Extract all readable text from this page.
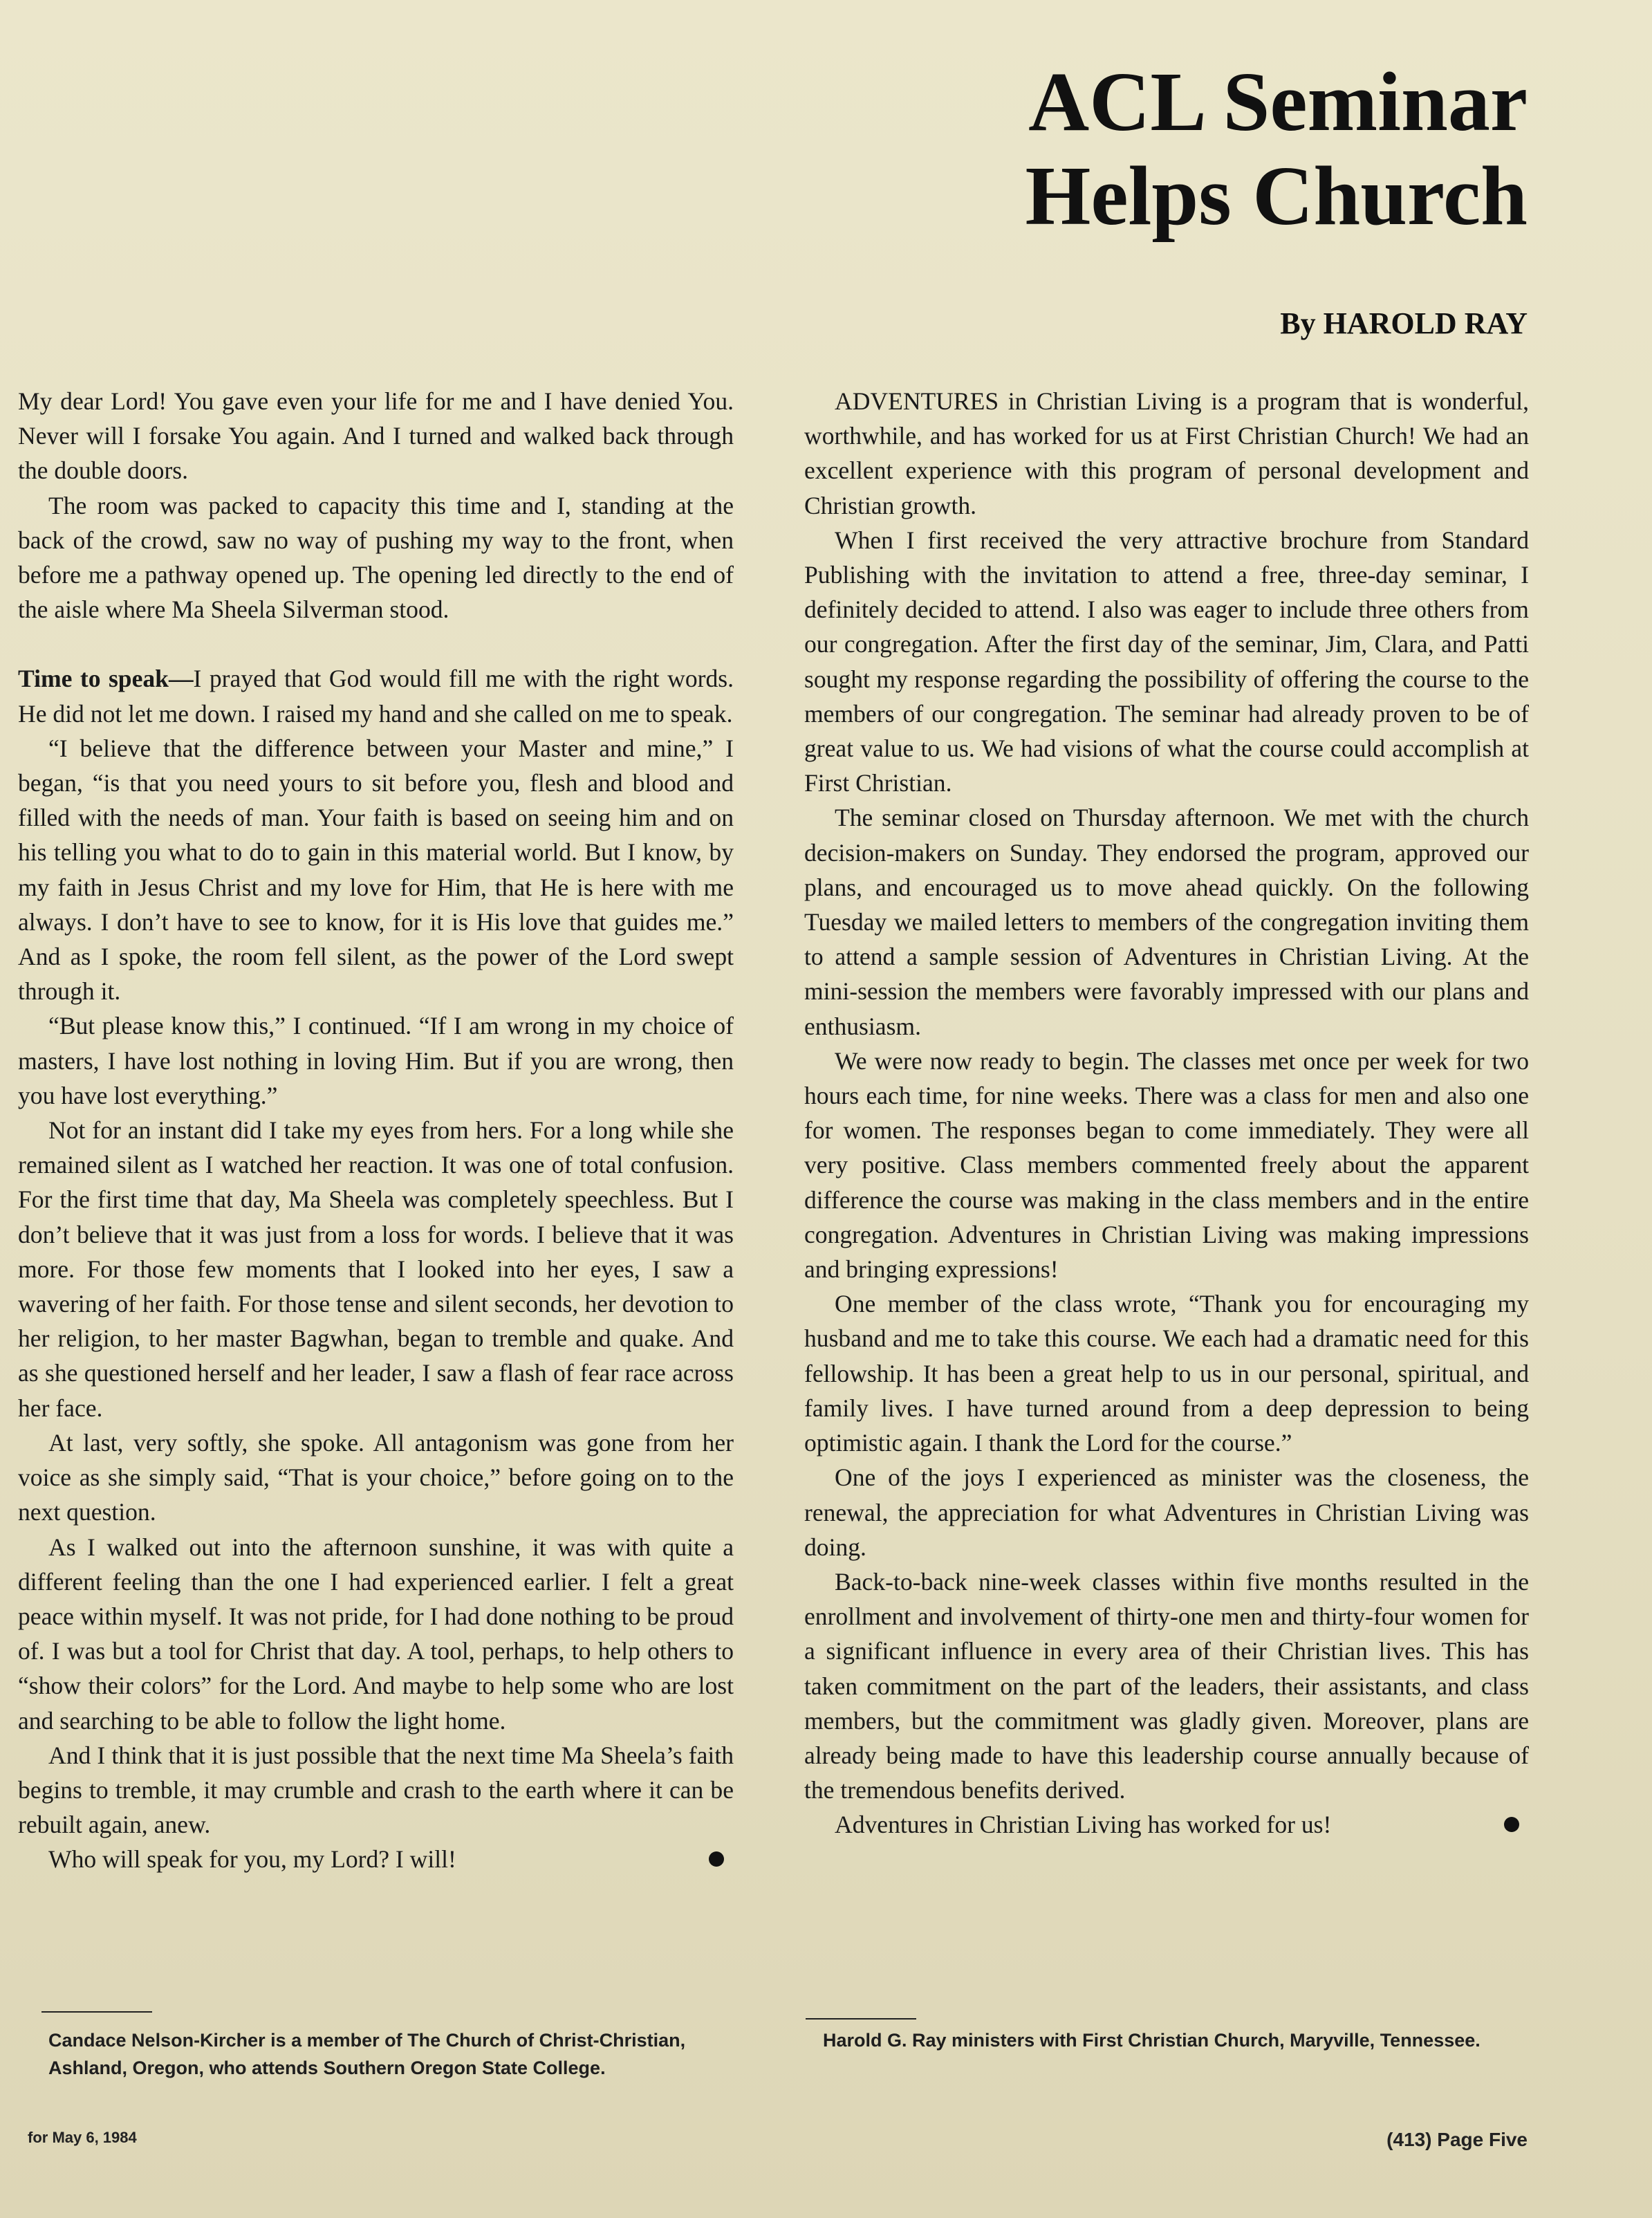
ACL Seminar
Helps Church
By HAROLD RAY

My dear Lord! You gave even your life for me and I have denied You. Never will I forsake You again. And I turned and walked back through the double doors.

The room was packed to capacity this time and I, standing at the back of the crowd, saw no way of pushing my way to the front, when before me a pathway opened up. The opening led directly to the end of the aisle where Ma Sheela Silverman stood.

Time to speak—I prayed that God would fill me with the right words. He did not let me down. I raised my hand and she called on me to speak.

“I believe that the difference between your Master and mine,” I began, “is that you need yours to sit before you, flesh and blood and filled with the needs of man. Your faith is based on seeing him and on his telling you what to do to gain in this material world. But I know, by my faith in Jesus Christ and my love for Him, that He is here with me always. I don’t have to see to know, for it is His love that guides me.” And as I spoke, the room fell silent, as the power of the Lord swept through it.

“But please know this,” I continued. “If I am wrong in my choice of masters, I have lost nothing in loving Him. But if you are wrong, then you have lost everything.”

Not for an instant did I take my eyes from hers. For a long while she remained silent as I watched her reaction. It was one of total confusion. For the first time that day, Ma Sheela was completely speechless. But I don’t believe that it was just from a loss for words. I believe that it was more. For those few moments that I looked into her eyes, I saw a wavering of her faith. For those tense and silent seconds, her devotion to her religion, to her master Bagwhan, began to tremble and quake. And as she questioned herself and her leader, I saw a flash of fear race across her face.

At last, very softly, she spoke. All antagonism was gone from her voice as she simply said, “That is your choice,” before going on to the next question.

As I walked out into the afternoon sunshine, it was with quite a different feeling than the one I had experienced earlier. I felt a great peace within myself. It was not pride, for I had done nothing to be proud of. I was but a tool for Christ that day. A tool, perhaps, to help others to “show their colors” for the Lord. And maybe to help some who are lost and searching to be able to follow the light home.

And I think that it is just possible that the next time Ma Sheela’s faith begins to tremble, it may crumble and crash to the earth where it can be rebuilt again, anew.

Who will speak for you, my Lord? I will!

ADVENTURES in Christian Living is a program that is wonderful, worthwhile, and has worked for us at First Christian Church! We had an excellent experience with this program of personal development and Christian growth.

When I first received the very attractive brochure from Standard Publishing with the invitation to attend a free, three-day seminar, I definitely decided to attend. I also was eager to include three others from our congregation. After the first day of the seminar, Jim, Clara, and Patti sought my response regarding the possibility of offering the course to the members of our congregation. The seminar had already proven to be of great value to us. We had visions of what the course could accomplish at First Christian.

The seminar closed on Thursday afternoon. We met with the church decision-makers on Sunday. They endorsed the program, approved our plans, and encouraged us to move ahead quickly. On the following Tuesday we mailed letters to members of the congregation inviting them to attend a sample session of Adventures in Christian Living. At the mini-session the members were favorably impressed with our plans and enthusiasm.

We were now ready to begin. The classes met once per week for two hours each time, for nine weeks. There was a class for men and also one for women. The responses began to come immediately. They were all very positive. Class members commented freely about the apparent difference the course was making in the class members and in the entire congregation. Adventures in Christian Living was making impressions and bringing expressions!

One member of the class wrote, “Thank you for encouraging my husband and me to take this course. We each had a dramatic need for this fellowship. It has been a great help to us in our personal, spiritual, and family lives. I have turned around from a deep depression to being optimistic again. I thank the Lord for the course.”

One of the joys I experienced as minister was the closeness, the renewal, the appreciation for what Adventures in Christian Living was doing.

Back-to-back nine-week classes within five months resulted in the enrollment and involvement of thirty-one men and thirty-four women for a significant influence in every area of their Christian lives. This has taken commitment on the part of the leaders, their assistants, and class members, but the commitment was gladly given. Moreover, plans are already being made to have this leadership course annually because of the tremendous benefits derived.

Adventures in Christian Living has worked for us!

Candace Nelson-Kircher is a member of The Church of Christ-Christian, Ashland, Oregon, who attends Southern Oregon State College.
Harold G. Ray ministers with First Christian Church, Maryville, Tennessee.
for May 6, 1984	(413) Page Five
